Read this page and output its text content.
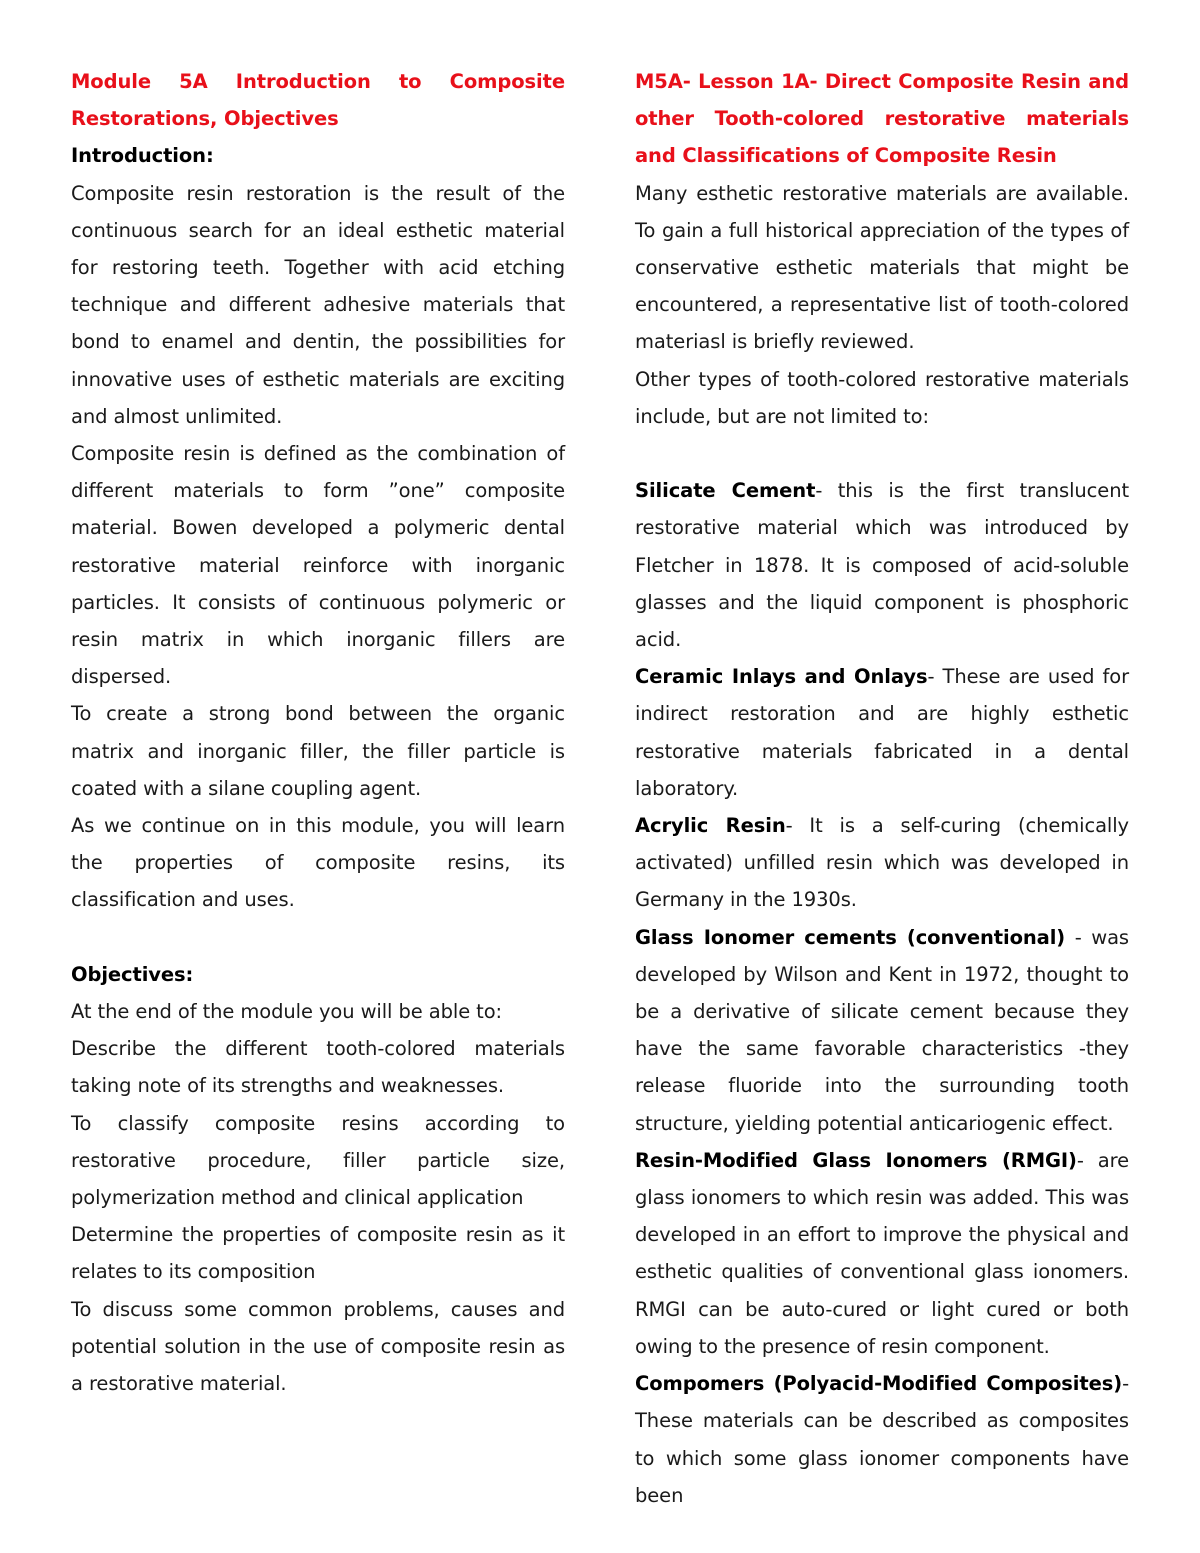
Module 5A Introduction to Composite Restorations, Objectives

Introduction:

Composite resin restoration is the result of the continuous search for an ideal esthetic material for restoring teeth. Together with acid etching technique and different adhesive materials that bond to enamel and dentin, the possibilities for innovative uses of esthetic materials are exciting and almost unlimited.

Composite resin is defined as the combination of different materials to form ”one” composite material. Bowen developed a polymeric dental restorative material reinforce with inorganic particles. It consists of continuous polymeric or resin matrix in which inorganic fillers are dispersed.

To create a strong bond between the organic matrix and inorganic filler, the filler particle is coated with a silane coupling agent.

As we continue on in this module, you will learn the properties of composite resins, its classification and uses.

Objectives:

At the end of the module you will be able to:

Describe the different tooth-colored materials taking note of its strengths and weaknesses.

To classify composite resins according to restorative procedure, filler particle size, polymerization method and clinical application

Determine the properties of composite resin as it relates to its composition

To discuss some common problems, causes and potential solution in the use of composite resin as a restorative material.

M5A- Lesson 1A- Direct Composite Resin and other Tooth-colored restorative materials and Classifications of Composite Resin

Many esthetic restorative materials are available. To gain a full historical appreciation of the types of conservative esthetic materials that might be encountered, a representative list of tooth-colored materiasl is briefly reviewed.

Other types of tooth-colored restorative materials include, but are not limited to:

Silicate Cement- this is the first translucent restorative material which was introduced by Fletcher in 1878. It is composed of acid-soluble glasses and the liquid component is phosphoric acid.

Ceramic Inlays and Onlays- These are used for indirect restoration and are highly esthetic restorative materials fabricated in a dental laboratory.

Acrylic Resin- It is a self-curing (chemically activated) unfilled resin which was developed in Germany in the 1930s.

Glass Ionomer cements (conventional) - was developed by Wilson and Kent in 1972, thought to be a derivative of silicate cement because they have the same favorable characteristics -they release fluoride into the surrounding tooth structure, yielding potential anticariogenic effect.

Resin-Modified Glass Ionomers (RMGI)- are glass ionomers to which resin was added. This was developed in an effort to improve the physical and esthetic qualities of conventional glass ionomers. RMGI can be auto-cured or light cured or both owing to the presence of resin component.

Compomers (Polyacid-Modified Composites)- These materials can be described as composites to which some glass ionomer components have been
